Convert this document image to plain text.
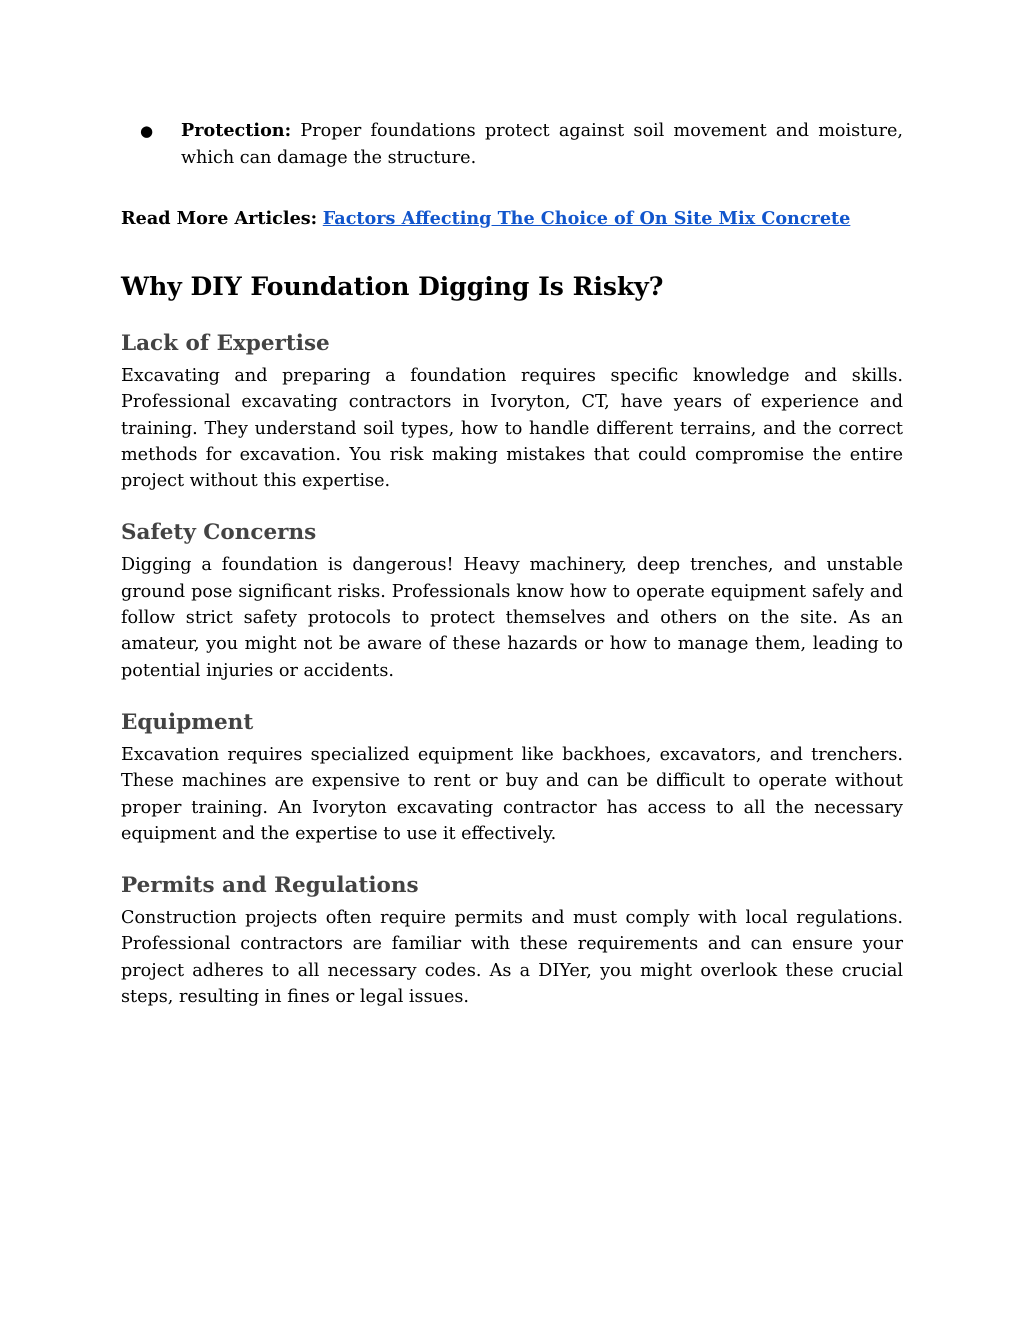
● Protection: Proper foundations protect against soil movement and moisture, which can damage the structure.
Read More Articles: Factors Affecting The Choice of On Site Mix Concrete
Why DIY Foundation Digging Is Risky?
Lack of Expertise

Excavating and preparing a foundation requires specific knowledge and skills. Professional excavating contractors in Ivoryton, CT, have years of experience and training. They understand soil types, how to handle different terrains, and the correct methods for excavation. You risk making mistakes that could compromise the entire project without this expertise.

Safety Concerns

Digging a foundation is dangerous! Heavy machinery, deep trenches, and unstable ground pose significant risks. Professionals know how to operate equipment safely and follow strict safety protocols to protect themselves and others on the site. As an amateur, you might not be aware of these hazards or how to manage them, leading to potential injuries or accidents.

Equipment

Excavation requires specialized equipment like backhoes, excavators, and trenchers. These machines are expensive to rent or buy and can be difficult to operate without proper training. An Ivoryton excavating contractor has access to all the necessary equipment and the expertise to use it effectively.

Permits and Regulations

Construction projects often require permits and must comply with local regulations. Professional contractors are familiar with these requirements and can ensure your project adheres to all necessary codes. As a DIYer, you might overlook these crucial steps, resulting in fines or legal issues.
